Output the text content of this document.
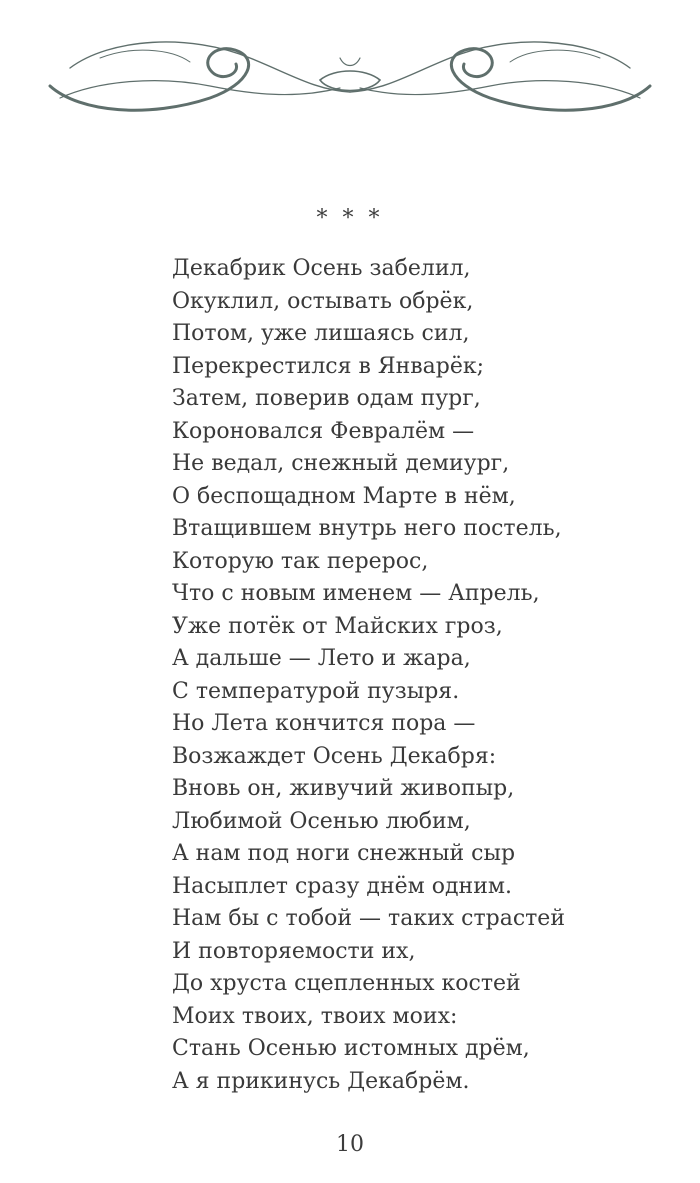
* * *
Декабрик Осень забелил,
Окуклил, остывать обрёк,
Потом, уже лишаясь сил,
Перекрестился в Январёк;
Затем, поверив одам пург,
Короновался Февралём —
Не ведал, снежный демиург,
О беспощадном Марте в нём,
Втащившем внутрь него постель,
Которую так перерос,
Что с новым именем — Апрель,
Уже потёк от Майских гроз,
А дальше — Лето и жара,
С температурой пузыря.
Но Лета кончится пора —
Возжаждет Осень Декабря:
Вновь он, живучий живопыр,
Любимой Осенью любим,
А нам под ноги снежный сыр
Насыплет сразу днём одним.
Нам бы с тобой — таких страстей
И повторяемости их,
До хруста сцепленных костей
Моих твоих, твоих моих:
Стань Осенью истомных дрём,
А я прикинусь Декабрём.
10
